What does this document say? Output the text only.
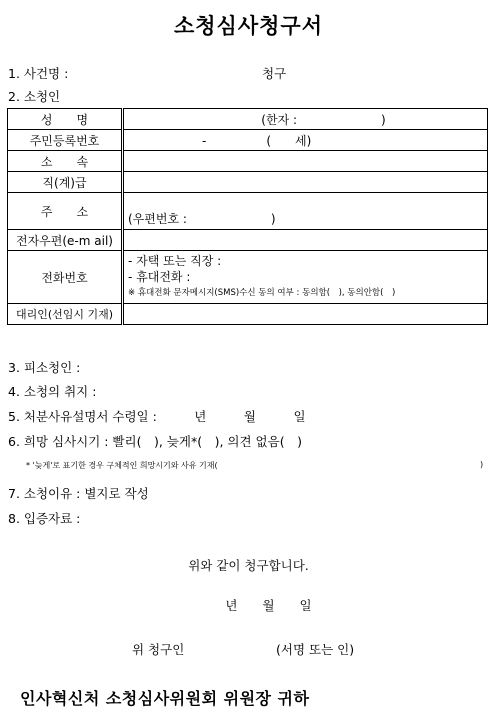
소청심사청구서
1. 사건명 :	청구
2. 소청인
성　　명	(한자 :　　　　　　　)
주민등록번호	-　　　　　(　　세)
소　　속	
직(계)급	
주　　소	(우편번호 :　　　　　　　)
전자우편(e-m ail)	
전화번호	- 자택 또는 직장 :
- 휴대전화 :
※ 휴대전화 문자메시지(SMS)수신 동의 여부 : 동의함(　), 동의안함(　)

대리인(선임시 기재)	
3. 피소청인 :
4. 소청의 취지 :
5. 처분사유설명서 수령일 :　　　년　　　월　　　일
6. 희망 심사시기 : 빨리(　), 늦게*(　), 의견 없음(　)
* '늦게'로 표기한 경우 구체적인 희망시기와 사유 기재(	)
7. 소청이유 : 별지로 작성
8. 입증자료 :
위와 같이 청구합니다.
년　　월　　일
위 청구인	(서명 또는 인)
인사혁신처 소청심사위원회 위원장 귀하
